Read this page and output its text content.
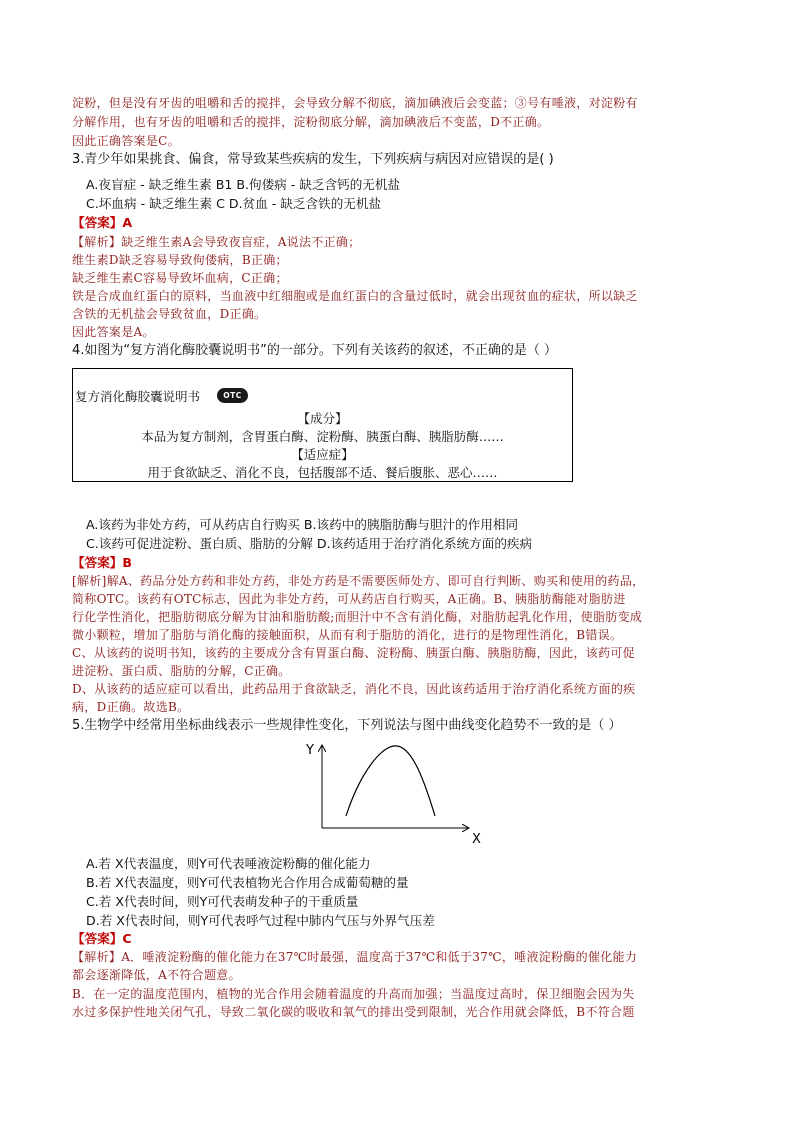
淀粉，但是没有牙齿的咀嚼和舌的搅拌，会导致分解不彻底，滴加碘液后会变蓝；③号有唾液，对淀粉有
分解作用，也有牙齿的咀嚼和舌的搅拌，淀粉彻底分解，滴加碘液后不变蓝，D不正确。
因此正确答案是C。
3.青少年如果挑食、偏食，常导致某些疾病的发生，下列疾病与病因对应错误的是( )
A.夜盲症 - 缺乏维生素 B1 B.佝偻病 - 缺乏含钙的无机盐
C.坏血病 - 缺乏维生素 C D.贫血 - 缺乏含铁的无机盐
【答案】A
【解析】缺乏维生素A会导致夜盲症，A说法不正确；
维生素D缺乏容易导致佝偻病，B正确；
缺乏维生素C容易导致坏血病，C正确；
铁是合成血红蛋白的原料，当血液中红细胞或是血红蛋白的含量过低时，就会出现贫血的症状，所以缺乏
含铁的无机盐会导致贫血，D正确。
因此答案是A。
4.如图为“复方消化酶胶囊说明书”的一部分。下列有关该药的叙述，不正确的是（ ）
复方消化酶胶囊说明书	OTC
【成分】
本品为复方制剂，含胃蛋白酶、淀粉酶、胰蛋白酶、胰脂肪酶……
【适应症】
用于食欲缺乏、消化不良，包括腹部不适、餐后腹胀、恶心……
A.该药为非处方药，可从药店自行购买 B.该药中的胰脂肪酶与胆汁的作用相同
C.该药可促进淀粉、蛋白质、脂肪的分解 D.该药适用于治疗消化系统方面的疾病
【答案】B
[解析]解A、药品分处方药和非处方药，非处方药是不需要医师处方、即可自行判断、购买和使用的药品，
简称OTC。该药有OTC标志，因此为非处方药，可从药店自行购买，A正确。B、胰脂肪酶能对脂肪进
行化学性消化，把脂肪彻底分解为甘油和脂肪酸;而胆汁中不含有消化酶，对脂肪起乳化作用，使脂肪变成
微小颗粒，增加了脂肪与消化酶的接触面积，从而有利于脂肪的消化，进行的是物理性消化，B错误。
C、从该药的说明书知，该药的主要成分含有胃蛋白酶、淀粉酶、胰蛋白酶、胰脂肪酶，因此，该药可促
进淀粉、蛋白质、脂肪的分解，C正确。
D、从该药的适应症可以看出，此药品用于食欲缺乏，消化不良，因此该药适用于治疗消化系统方面的疾
病，D正确。故选B。
5.生物学中经常用坐标曲线表示一些规律性变化，下列说法与图中曲线变化趋势不一致的是（ ）
Y
X
A.若 X代表温度，则Y可代表唾液淀粉酶的催化能力
B.若 X代表温度，则Y可代表植物光合作用合成葡萄糖的量
C.若 X代表时间，则Y可代表萌发种子的干重质量
D.若 X代表时间，则Y可代表呼气过程中肺内气压与外界气压差
【答案】C
【解析】A．唾液淀粉酶的催化能力在37℃时最强，温度高于37℃和低于37℃，唾液淀粉酶的催化能力
都会逐渐降低，A不符合题意。
B．在一定的温度范围内，植物的光合作用会随着温度的升高而加强；当温度过高时，保卫细胞会因为失
水过多保护性地关闭气孔，导致二氧化碳的吸收和氧气的排出受到限制，光合作用就会降低，B不符合题
